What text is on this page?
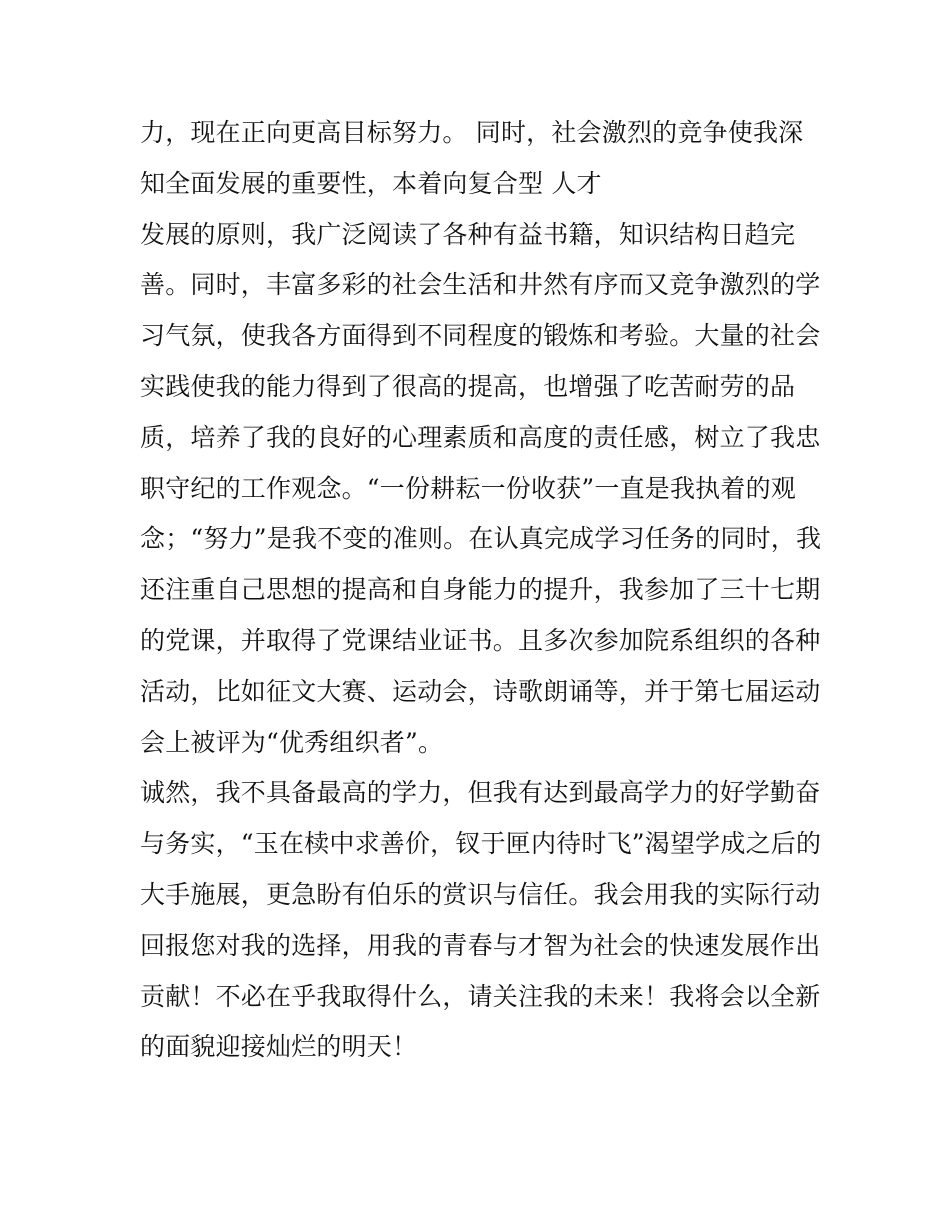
力，现在正向更高目标努力。 同时，社会激烈的竞争使我深
知全面发展的重要性，本着向复合型 人才
发展的原则，我广泛阅读了各种有益书籍，知识结构日趋完
善。同时，丰富多彩的社会生活和井然有序而又竞争激烈的学
习气氛，使我各方面得到不同程度的锻炼和考验。大量的社会
实践使我的能力得到了很高的提高，也增强了吃苦耐劳的品
质，培养了我的良好的心理素质和高度的责任感，树立了我忠
职守纪的工作观念。“一份耕耘一份收获”一直是我执着的观
念；“努力”是我不变的准则。在认真完成学习任务的同时，我
还注重自己思想的提高和自身能力的提升，我参加了三十七期
的党课，并取得了党课结业证书。且多次参加院系组织的各种
活动，比如征文大赛、运动会，诗歌朗诵等，并于第七届运动
会上被评为“优秀组织者”。
诚然，我不具备最高的学力，但我有达到最高学力的好学勤奋
与务实，“玉在椟中求善价，钗于匣内待时飞”渴望学成之后的
大手施展，更急盼有伯乐的赏识与信任。我会用我的实际行动
回报您对我的选择，用我的青春与才智为社会的快速发展作出
贡献！不必在乎我取得什么，请关注我的未来！我将会以全新
的面貌迎接灿烂的明天！
